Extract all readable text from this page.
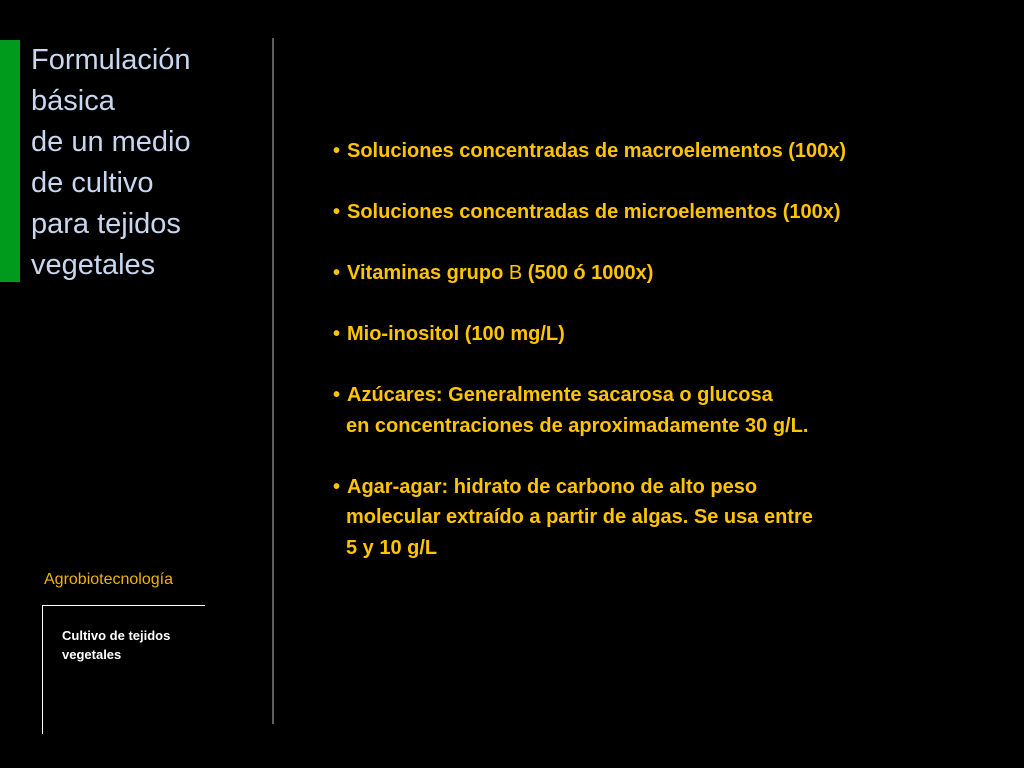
Formulación
básica
de un medio
de cultivo
para tejidos
vegetales
Agrobiotecnología
Cultivo de tejidos vegetales
• Soluciones concentradas de macroelementos (100x)
• Soluciones concentradas de microelementos (100x)
• Vitaminas grupo B (500 ó 1000x)
• Mio-inositol (100 mg/L)
• Azúcares: Generalmente sacarosa o glucosa
en concentraciones de aproximadamente 30 g/L.
• Agar-agar: hidrato de carbono de alto peso
molecular extraído a partir de algas. Se usa entre
5 y 10 g/L
